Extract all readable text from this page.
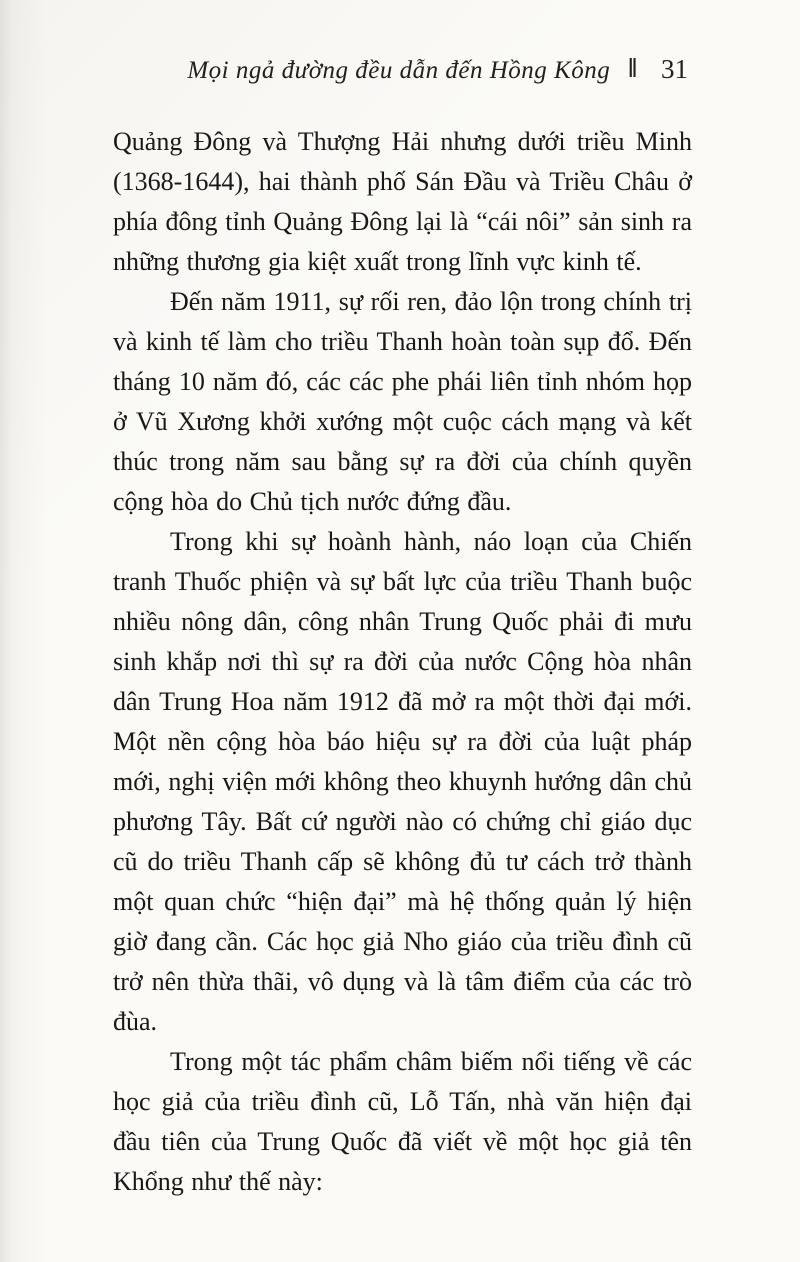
Mọi ngả đường đều dẫn đến Hồng Kông ‖ 31

Quảng Đông và Thượng Hải nhưng dưới triều Minh (1368-1644), hai thành phố Sán Đầu và Triều Châu ở phía đông tỉnh Quảng Đông lại là “cái nôi” sản sinh ra những thương gia kiệt xuất trong lĩnh vực kinh tế.

Đến năm 1911, sự rối ren, đảo lộn trong chính trị và kinh tế làm cho triều Thanh hoàn toàn sụp đổ. Đến tháng 10 năm đó, các các phe phái liên tỉnh nhóm họp ở Vũ Xương khởi xướng một cuộc cách mạng và kết thúc trong năm sau bằng sự ra đời của chính quyền cộng hòa do Chủ tịch nước đứng đầu.

Trong khi sự hoành hành, náo loạn của Chiến tranh Thuốc phiện và sự bất lực của triều Thanh buộc nhiều nông dân, công nhân Trung Quốc phải đi mưu sinh khắp nơi thì sự ra đời của nước Cộng hòa nhân dân Trung Hoa năm 1912 đã mở ra một thời đại mới. Một nền cộng hòa báo hiệu sự ra đời của luật pháp mới, nghị viện mới không theo khuynh hướng dân chủ phương Tây. Bất cứ người nào có chứng chỉ giáo dục cũ do triều Thanh cấp sẽ không đủ tư cách trở thành một quan chức “hiện đại” mà hệ thống quản lý hiện giờ đang cần. Các học giả Nho giáo của triều đình cũ trở nên thừa thãi, vô dụng và là tâm điểm của các trò đùa.

Trong một tác phẩm châm biếm nổi tiếng về các học giả của triều đình cũ, Lỗ Tấn, nhà văn hiện đại đầu tiên của Trung Quốc đã viết về một học giả tên Khổng như thế này:
